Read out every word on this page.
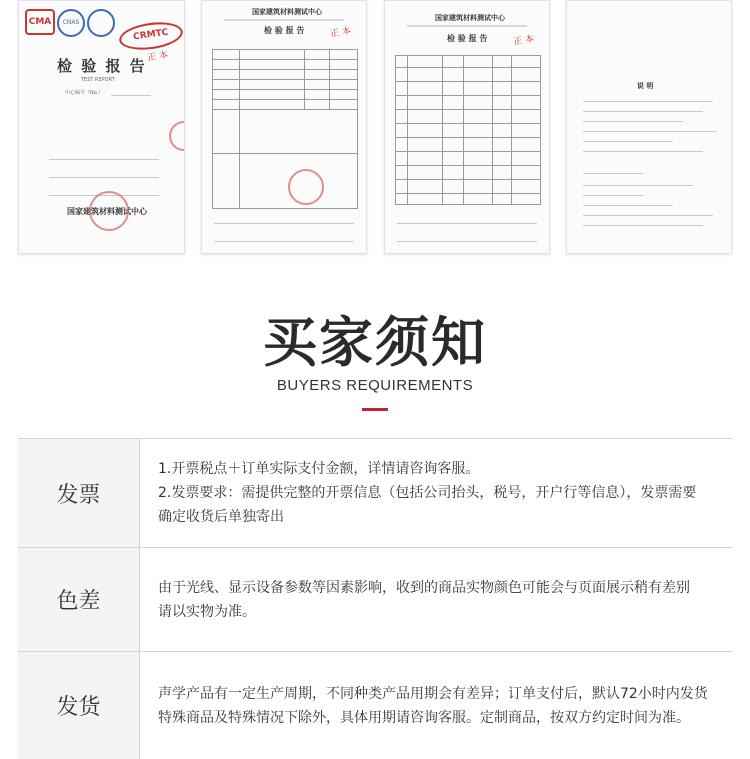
CMA	CNAS
CRMTC
正 本
检 验 报 告
TEST REPORT
中心编号（No.）
国家建筑材料测试中心
国家建筑材料测试中心
检 验 报 告	正 本
国家建筑材料测试中心
检 验 报 告	正 本
说 明
买家须知
BUYERS REQUIREMENTS
发票
1.开票税点＋订单实际支付金额，详情请咨询客服。
2.发票要求：需提供完整的开票信息（包括公司抬头，税号，开户行等信息），发票需要
确定收货后单独寄出
色差
由于光线、显示设备参数等因素影响，收到的商品实物颜色可能会与页面展示稍有差别
请以实物为准。
发货
声学产品有一定生产周期，不同种类产品用期会有差异；订单支付后，默认72小时内发货
特殊商品及特殊情况下除外，具体用期请咨询客服。定制商品，按双方约定时间为准。
